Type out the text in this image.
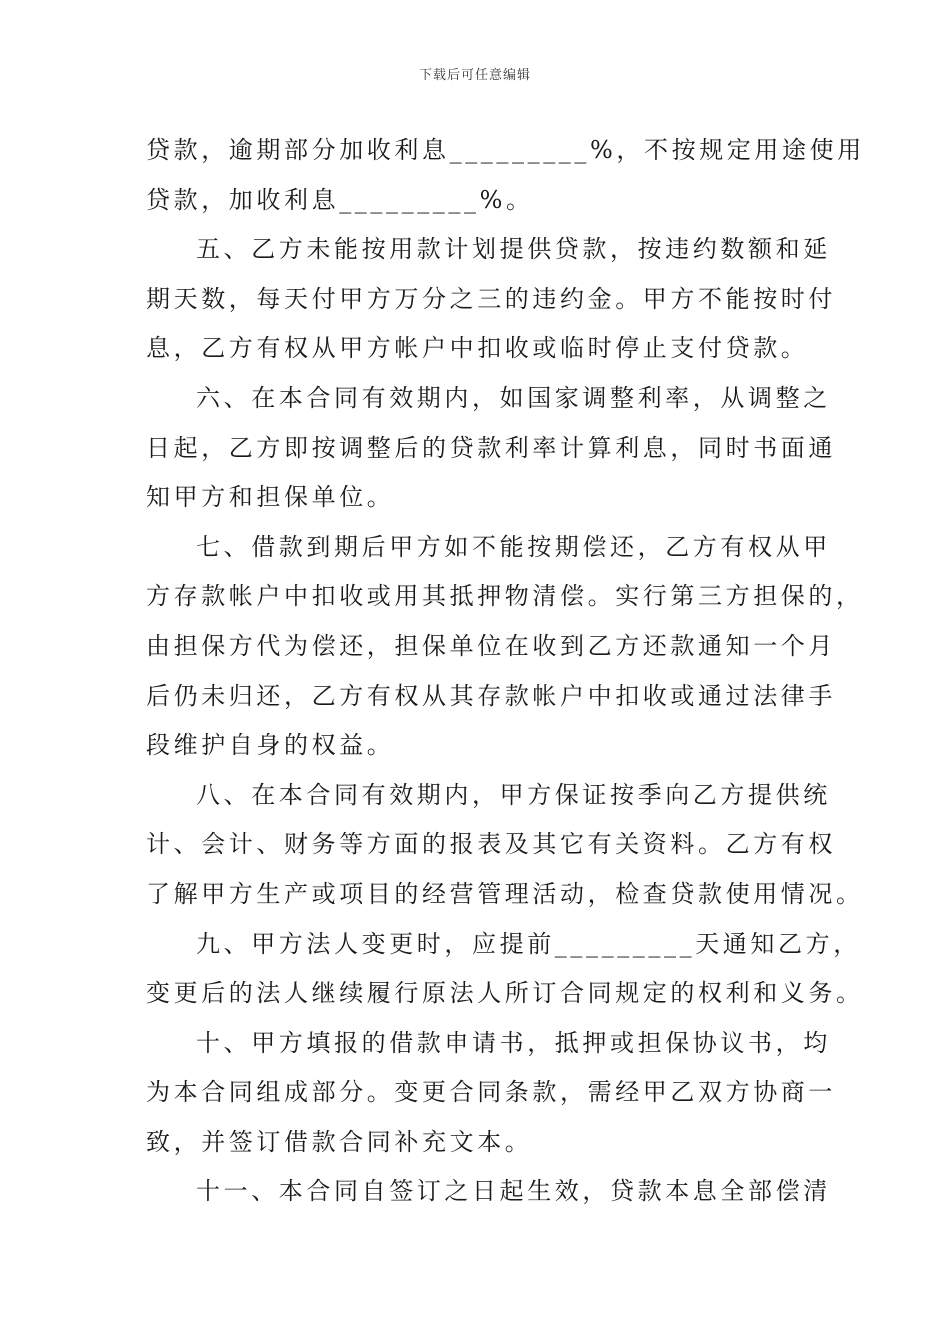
下载后可任意编辑
贷款，逾期部分加收利息_________%，不按规定用途使用
贷款，加收利息_________%。
五、乙方未能按用款计划提供贷款，按违约数额和延
期天数，每天付甲方万分之三的违约金。甲方不能按时付
息，乙方有权从甲方帐户中扣收或临时停止支付贷款。
六、在本合同有效期内，如国家调整利率，从调整之
日起，乙方即按调整后的贷款利率计算利息，同时书面通
知甲方和担保单位。
七、借款到期后甲方如不能按期偿还，乙方有权从甲
方存款帐户中扣收或用其抵押物清偿。实行第三方担保的，
由担保方代为偿还，担保单位在收到乙方还款通知一个月
后仍未归还，乙方有权从其存款帐户中扣收或通过法律手
段维护自身的权益。
八、在本合同有效期内，甲方保证按季向乙方提供统
计、会计、财务等方面的报表及其它有关资料。乙方有权
了解甲方生产或项目的经营管理活动，检查贷款使用情况。
九、甲方法人变更时，应提前_________天通知乙方，
变更后的法人继续履行原法人所订合同规定的权利和义务。
十、甲方填报的借款申请书，抵押或担保协议书，均
为本合同组成部分。变更合同条款，需经甲乙双方协商一
致，并签订借款合同补充文本。
十一、本合同自签订之日起生效，贷款本息全部偿清
